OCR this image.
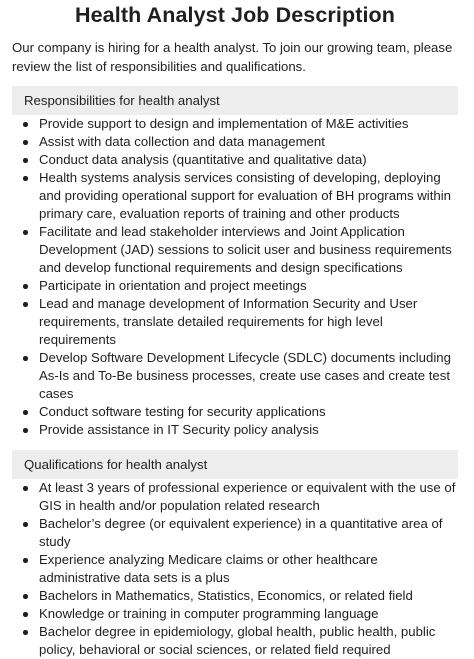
Health Analyst Job Description

Our company is hiring for a health analyst. To join our growing team, please review the list of responsibilities and qualifications.

Responsibilities for health analyst
Provide support to design and implementation of M&E activities
Assist with data collection and data management
Conduct data analysis (quantitative and qualitative data)
Health systems analysis services consisting of developing, deploying and providing operational support for evaluation of BH programs within primary care, evaluation reports of training and other products
Facilitate and lead stakeholder interviews and Joint Application Development (JAD) sessions to solicit user and business requirements and develop functional requirements and design specifications
Participate in orientation and project meetings
Lead and manage development of Information Security and User requirements, translate detailed requirements for high level requirements
Develop Software Development Lifecycle (SDLC) documents including As-Is and To-Be business processes, create use cases and create test cases
Conduct software testing for security applications
Provide assistance in IT Security policy analysis
Qualifications for health analyst
At least 3 years of professional experience or equivalent with the use of GIS in health and/or population related research
Bachelor’s degree (or equivalent experience) in a quantitative area of study
Experience analyzing Medicare claims or other healthcare administrative data sets is a plus
Bachelors in Mathematics, Statistics, Economics, or related field
Knowledge or training in computer programming language
Bachelor degree in epidemiology, global health, public health, public policy, behavioral or social sciences, or related field required
